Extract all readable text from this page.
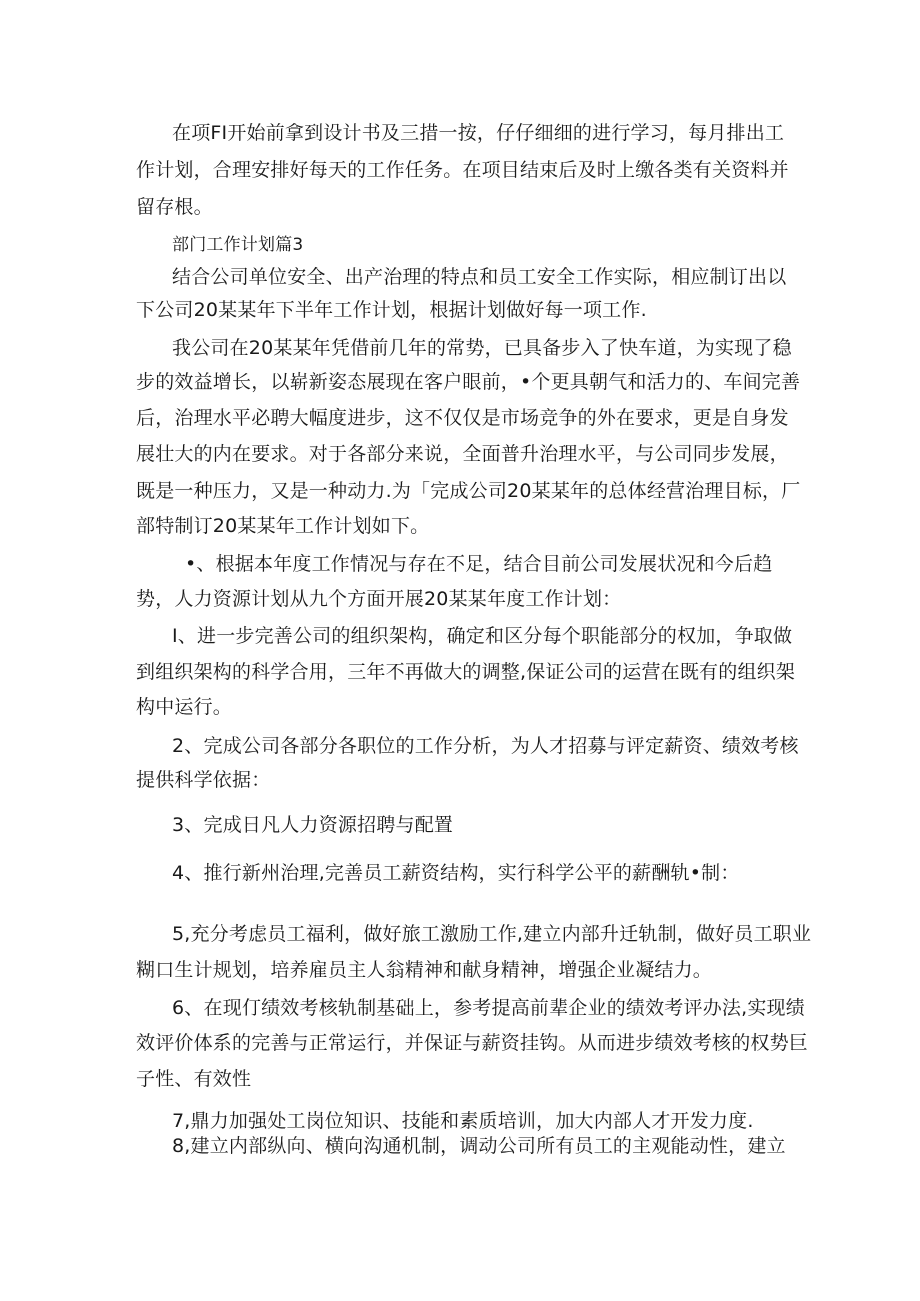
在项FI开始前拿到设计书及三措一按，仔仔细细的进行学习，每月排出工
作计划，合理安排好每天的工作任务。在项目结束后及时上缴各类有关资料并
留存根。
部门工作计划篇3
结合公司单位安全、出产治理的特点和员工安全工作实际，相应制订出以
下公司20某某年下半年工作计划，根据计划做好每一项工作.
我公司在20某某年凭借前几年的常势，已具备步入了快车道，为实现了稳
步的效益增长，以崭新姿态展现在客户眼前，•个更具朝气和活力的、车间完善
后，治理水平必聘大幅度进步，这不仅仅是市场竞争的外在要求，更是自身发
展壮大的内在要求。对于各部分来说，全面普升治理水平，与公司同步发展，
既是一种压力，又是一种动力.为「完成公司20某某年的总体经营治理目标，厂
部特制订20某某年工作计划如下。
•、根据本年度工作情况与存在不足，结合目前公司发展状况和今后趋
势，人力资源计划从九个方面开展20某某年度工作计划：
I、进一步完善公司的组织架构，确定和区分每个职能部分的权加，争取做
到组织架构的科学合用，三年不再做大的调整,保证公司的运营在既有的组织架
构中运行。
2、完成公司各部分各职位的工作分析，为人才招募与评定薪资、绩效考核
提供科学依据：
3、完成日凡人力资源招聘与配置
4、推行新州治理,完善员工薪资结构，实行科学公平的薪酬轨•制：
5,充分考虑员工福利，做好旅工激励工作,建立内部升迁轨制，做好员工职业
糊口生计规划，培养雇员主人翁精神和献身精神，增强企业凝结力。
6、在现仃绩效考核轨制基础上，参考提高前辈企业的绩效考评办法,实现绩
效评价体系的完善与正常运行，并保证与薪资挂钩。从而进步绩效考核的权势巨
子性、有效性
7,鼎力加强处工岗位知识、技能和素质培训，加大内部人才开发力度.
8,建立内部纵向、横向沟通机制，调动公司所有员工的主观能动性，建立
